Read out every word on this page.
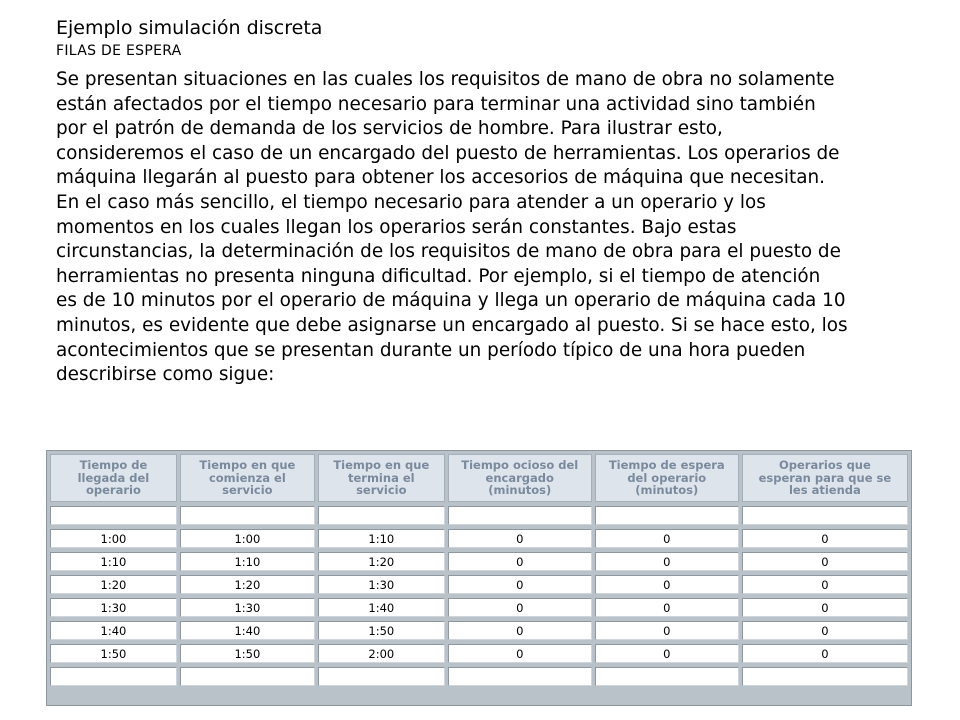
Ejemplo simulación discreta
FILAS DE ESPERA
Se presentan situaciones en las cuales los requisitos de mano de obra no solamente
están afectados por el tiempo necesario para terminar una actividad sino también
por el patrón de demanda de los servicios de hombre. Para ilustrar esto,
consideremos el caso de un encargado del puesto de herramientas. Los operarios de
máquina llegarán al puesto para obtener los accesorios de máquina que necesitan.
En el caso más sencillo, el tiempo necesario para atender a un operario y los
momentos en los cuales llegan los operarios serán constantes. Bajo estas
circunstancias, la determinación de los requisitos de mano de obra para el puesto de
herramientas no presenta ninguna dificultad. Por ejemplo, si el tiempo de atención
es de 10 minutos por el operario de máquina y llega un operario de máquina cada 10
minutos, es evidente que debe asignarse un encargado al puesto. Si se hace esto, los
acontecimientos que se presentan durante un período típico de una hora pueden
describirse como sigue:
Tiempo de
llegada del
operario	Tiempo en que
comienza el
servicio	Tiempo en que
termina el
servicio	Tiempo ocioso del
encargado
(minutos)	Tiempo de espera
del operario
(minutos)	Operarios que
esperan para que se
les atienda

1:00	1:00	1:10	0	0	0
1:10	1:10	1:20	0	0	0
1:20	1:20	1:30	0	0	0
1:30	1:30	1:40	0	0	0
1:40	1:40	1:50	0	0	0
1:50	1:50	2:00	0	0	0
